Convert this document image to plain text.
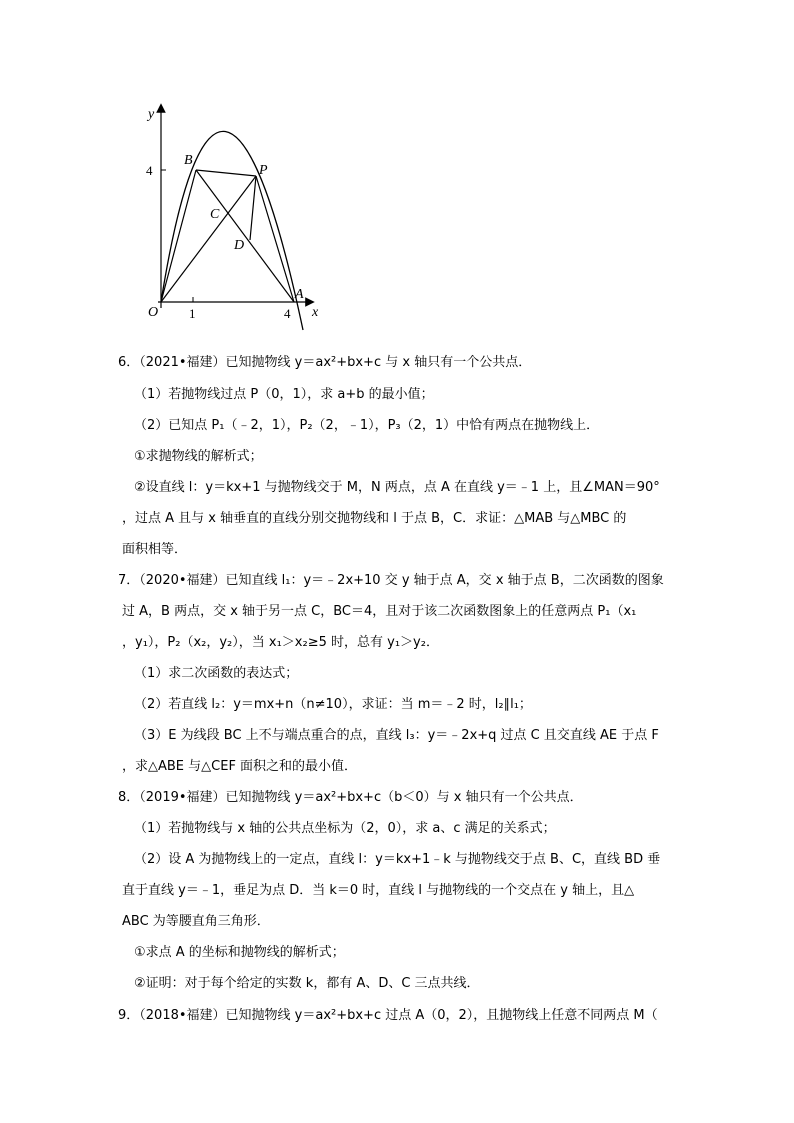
y
x
O
4
1	4
B
P
C
D
A
6．（2021•福建）已知抛物线 y＝ax²+bx+c 与 x 轴只有一个公共点．
（1）若抛物线过点 P（0，1），求 a+b 的最小值；
（2）已知点 P₁（﹣2，1），P₂（2，﹣1），P₃（2，1）中恰有两点在抛物线上．
①求抛物线的解析式；
②设直线 l：y＝kx+1 与抛物线交于 M，N 两点，点 A 在直线 y＝﹣1 上，且∠MAN＝90°
，过点 A 且与 x 轴垂直的直线分别交抛物线和 l 于点 B，C．求证：△MAB 与△MBC 的
面积相等．
7．（2020•福建）已知直线 l₁：y＝﹣2x+10 交 y 轴于点 A，交 x 轴于点 B，二次函数的图象
过 A，B 两点，交 x 轴于另一点 C，BC＝4，且对于该二次函数图象上的任意两点 P₁（x₁
，y₁），P₂（x₂，y₂），当 x₁＞x₂≥5 时，总有 y₁＞y₂．
（1）求二次函数的表达式；
（2）若直线 l₂：y＝mx+n（n≠10），求证：当 m＝﹣2 时，l₂∥l₁；
（3）E 为线段 BC 上不与端点重合的点，直线 l₃：y＝﹣2x+q 过点 C 且交直线 AE 于点 F
，求△ABE 与△CEF 面积之和的最小值．
8．（2019•福建）已知抛物线 y＝ax²+bx+c（b＜0）与 x 轴只有一个公共点．
（1）若抛物线与 x 轴的公共点坐标为（2，0），求 a、c 满足的关系式；
（2）设 A 为抛物线上的一定点，直线 l：y＝kx+1﹣k 与抛物线交于点 B、C，直线 BD 垂
直于直线 y＝﹣1，垂足为点 D．当 k＝0 时，直线 l 与抛物线的一个交点在 y 轴上，且△
ABC 为等腰直角三角形．
①求点 A 的坐标和抛物线的解析式；
②证明：对于每个给定的实数 k，都有 A、D、C 三点共线．
9．（2018•福建）已知抛物线 y＝ax²+bx+c 过点 A（0，2），且抛物线上任意不同两点 M（
